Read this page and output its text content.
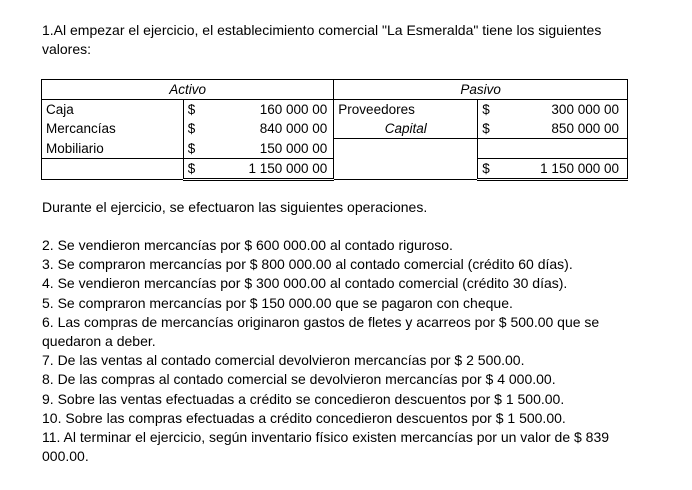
1.Al empezar el ejercicio, el establecimiento comercial "La Esmeralda" tiene los siguientes valores:
Activo			Pasivo		
Caja	$	160 000 00	Proveedores	$	300 000 00
Mercancías	$	840 000 00	Capital	$	850 000 00
Mobiliario	$	150 000 00			
	$	1 150 000 00		$	1 150 000 00
Durante el ejercicio, se efectuaron las siguientes operaciones.

2. Se vendieron mercancías por $ 600 000.00 al contado riguroso.

3. Se compraron mercancías por $ 800 000.00 al contado comercial (crédito 60 días).

4. Se vendieron mercancías por $ 300 000.00 al contado comercial (crédito 30 días).

5. Se compraron mercancías por $ 150 000.00 que se pagaron con cheque.

6. Las compras de mercancías originaron gastos de fletes y acarreos por $ 500.00 que se quedaron a deber.

7. De las ventas al contado comercial devolvieron mercancías por $ 2 500.00.

8. De las compras al contado comercial se devolvieron mercancías por $ 4 000.00.

9. Sobre las ventas efectuadas a crédito se concedieron descuentos por $ 1 500.00.

10. Sobre las compras efectuadas a crédito concedieron descuentos por $ 1 500.00.

11. Al terminar el ejercicio, según inventario físico existen mercancías por un valor de $ 839 000.00.
